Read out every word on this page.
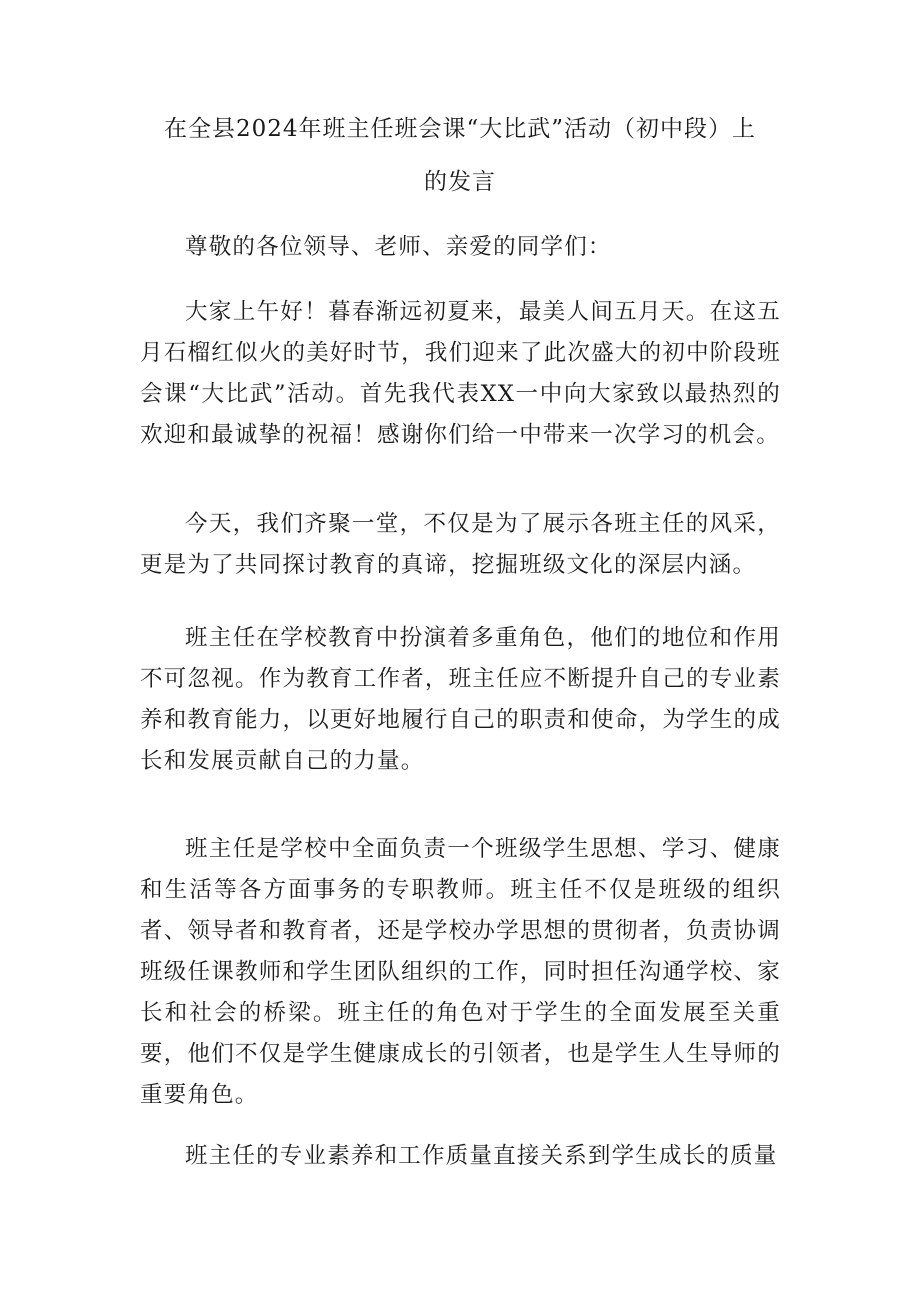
在全县2024年班主任班会课“大比武”活动（初中段）上
的发言

尊敬的各位领导、老师、亲爱的同学们：

大家上午好！暮春渐远初夏来，最美人间五月天。在这五月石榴红似火的美好时节，我们迎来了此次盛大的初中阶段班会课“大比武”活动。首先我代表XX一中向大家致以最热烈的欢迎和最诚挚的祝福！感谢你们给一中带来一次学习的机会。

今天，我们齐聚一堂，不仅是为了展示各班主任的风采，更是为了共同探讨教育的真谛，挖掘班级文化的深层内涵。

班主任在学校教育中扮演着多重角色，他们的地位和作用不可忽视。作为教育工作者，班主任应不断提升自己的专业素养和教育能力，以更好地履行自己的职责和使命，为学生的成长和发展贡献自己的力量。

班主任是学校中全面负责一个班级学生思想、学习、健康和生活等各方面事务的专职教师。班主任不仅是班级的组织者、领导者和教育者，还是学校办学思想的贯彻者，负责协调班级任课教师和学生团队组织的工作，同时担任沟通学校、家长和社会的桥梁。班主任的角色对于学生的全面发展至关重要，他们不仅是学生健康成长的引领者，也是学生人生导师的重要角色。

班主任的专业素养和工作质量直接关系到学生成长的质量
